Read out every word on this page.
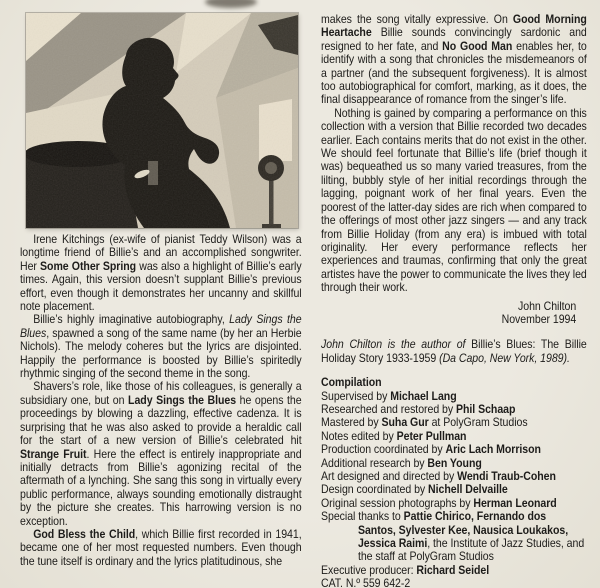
Irene Kitchings (ex-wife of pianist Teddy Wilson) was a longtime friend of Billie’s and an accomplished songwriter. Her Some Other Spring was also a highlight of Billie’s early times. Again, this version doesn’t supplant Billie’s previous effort, even though it demonstrates her uncanny and skillful note placement.

Billie’s highly imaginative autobiography, Lady Sings the Blues, spawned a song of the same name (by her an Herbie Nichols). The melody coheres but the lyrics are disjointed. Happily the performance is boosted by Billie’s spiritedly rhythmic singing of the second theme in the song.

Shavers’s role, like those of his colleagues, is generally a subsidiary one, but on Lady Sings the Blues he opens the proceedings by blowing a dazzling, effective cadenza. It is surprising that he was also asked to provide a heraldic call for the start of a new version of Billie’s celebrated hit Strange Fruit. Here the effect is entirely inappropriate and initially detracts from Billie’s agonizing recital of the aftermath of a lynching. She sang this song in virtually every public performance, always sounding emotionally distraught by the picture she creates. This harrowing version is no exception.

God Bless the Child, which Billie first recorded in 1941, became one of her most requested numbers. Even though the tune itself is ordinary and the lyrics platitudinous, she

makes the song vitally expressive. On Good Morning Heartache Billie sounds convincingly sardonic and resigned to her fate, and No Good Man enables her, to identify with a song that chronicles the misdemeanors of a partner (and the subsequent forgiveness). It is almost too autobiographical for comfort, marking, as it does, the final disappearance of romance from the singer’s life.

Nothing is gained by comparing a performance on this collection with a version that Billie recorded two decades earlier. Each contains merits that do not exist in the other. We should feel fortunate that Billie’s life (brief though it was) bequeathed us so many varied treasures, from the lilting, bubbly style of her initial recordings through the lagging, poignant work of her final years. Even the poorest of the latter-day sides are rich when compared to the offerings of most other jazz singers — and any track from Billie Holiday (from any era) is imbued with total originality. Her every performance reflects her experiences and traumas, confirming that only the great artistes have the power to communicate the lives they led through their work.

John Chilton

November 1994

John Chilton is the author of Billie’s Blues: The Billie Holiday Story 1933-1959 (Da Capo, New York, 1989).

Compilation

Supervised by Michael Lang

Researched and restored by Phil Schaap

Mastered by Suha Gur at PolyGram Studios

Notes edited by Peter Pullman

Production coordinated by Aric Lach Morrison

Additional research by Ben Young

Art designed and directed by Wendi Traub-Cohen

Design coordinated by Nichell Delvaille

Original session photographs by Herman Leonard

Special thanks to Pattie Chirico, Fernando dos Santos, Sylvester Kee, Nausica Loukakos, Jessica Raimi, the Institute of Jazz Studies, and the staff at PolyGram Studios

Executive producer: Richard Seidel

CAT. N.º 559 642-2
